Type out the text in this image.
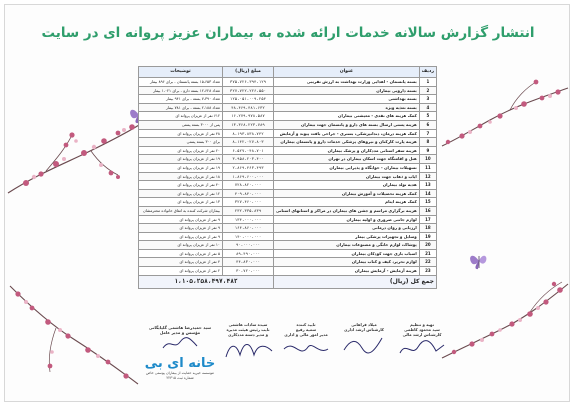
انتشار گزارش سالانه خدمات ارائه شده به بیماران عزیز پروانه ای در سایت
ردیف	عنوان	مبلغ (ریال)	توضیحات
1	بسته پانسمان - اهدایی وزارت بهداشت به ارزش تقریبی	۳۷۵،۷۲۶،۳۹۴،۱۲۹	تعداد ۱۵،۶۵۳ بسته پانسمان - برای ۸۹۶ بیمار
2	بسته دارویی بیماران	۳۲۷،۷۲۲،۲۲۶،۵۵۰	تعداد ۱۲،۶۲۸ بسته دارو - برای ۱،۰۲۱ بیمار
3	بسته بهداشتی	۱۲۵،۰۵۱،۰۰۹،۲۵۴	تعداد ۷،۳۹۰ بسته - برای ۹۴۱ بیمار
4	بسته تغذیه ویژه	۴۸،۴۶۹،۴۸۱،۶۳۲	تعداد ۲،۱۸۸ بسته - برای ۷۸۱ بیمار
5	کمک هزینه های نقدی - معیشتی بیماران	۱۶،۲۷۹،۹۷۸،۵۸۷	۶۱۲ نفر از عزیزان پروانه ای
6	هزینه پستی ارسال بسته های دارو و پانسمان جهت بیماران	۱۳،۳۶۸،۲۲۳،۷۸۹	پس از ۳۰۰۰ بسته پستی
7	کمک هزینه درمان، دندانپزشکی، بستری - جراحی بافت پیوند و آزمایش	۸،۱۹۳،۸۳۸،۷۴۲	۴۸ نفر از عزیزان پروانه ای
8	هزینه پارت کارکنان و نیروهای پزشکی خدمات دارو و پانسمان بیماران	۸،۱۴۲،۰۲۷،۸۰۳	برای ۳۰۰ بسته پستی
9	هزینه سفر استانی مددکاران و پزشک بیماران	۶،۵۲۷،۰۴۸،۷۰۱	۲۰ نفر از عزیزان پروانه ای
10	هتل و اقامتگاه جهت اسکان بیماران در تهران	۳،۹۵۸،۲۰۳،۴۰۰	۱۹ نفر از عزیزان پروانه ای
11	تسهیلات بیماران - خوابگاه و پذیرایی بیماران	۲،۸۶۹،۴۶۳،۴۹۳	۱۹ نفر از عزیزان پروانه ای
12	ایاب و ذهاب جهت بیماران	۱،۸۶۹،۶۰۰،۰۰۰	۱۸ نفر از عزیزان پروانه ای
13	هدیه تولد بیماران	۷۲۸،۸۲۰،۰۰۰	۴۰ نفر از عزیزان پروانه ای
14	کمک هزینه تحصیلات و آموزش بیماران	۴۰۹،۸۴۰،۰۰۰	۱۲ نفر از عزیزان پروانه ای
15	کمک هزینه ایتام	۳۲۷،۴۶۰،۰۰۰	۱۳ نفر از عزیزان پروانه ای
16	هزینه برگزاری مراسم و جشن های بیماران در مراکز و استانهای استانی	۲۳۲،۳۳۵،۸۳۹	بیماران شرکت کننده به اتفاق خانواده محترمشان
17	لوازم جانبی ضروری و اولیه بیماران	۱۳۴،۰۰۰،۰۰۰	۹ نفر از عزیزان پروانه ای
18	ارزیابی و روان درمانی	۱۶۴،۸۶۰،۰۰۰	۹ نفر از عزیزان پروانه ای
19	وسایل و تجهیزات پزشکی بیمار	۱۴۰،۰۰۰،۰۰۰	۹ نفر از عزیزان پروانه ای
20	پوشاک، لوازم خانگی و مصنوعات بیماران	۹۰،۰۰۰،۰۰۰	۱۰ نفر از عزیزان پروانه ای
21	اسباب بازی جهت کودکان بیماران	۸۹،۴۹۰،۰۰۰	۵ نفر از عزیزان پروانه ای
22	لوازم تحریر، کیف و کتاب بیماران	۴۴،۸۳۰،۰۰۰	۴ نفر از عزیزان پروانه ای
23	هزینه آزمایش - آزمایش بیماران	۳۰،۷۲۰،۰۰۰	۲ نفر از عزیزان پروانه ای
جمع کل (ریال)		۱،۱۰۵،۲۵۸،۴۹۷،۴۸۲	
تهیه و تنظیم
سید محمود کاظمی
کارشناس ارشد مالی
میلاد فراهانی
کارشناس ارشد اداری
تایید کننده
سمیه رفیع
مدیر امور مالی و اداری
سیده سادات هاشمی
نایب رئیس هیئت مدیره
و مدیر دسته مددکاری
سید حمیدرضا هاشمی گلپایگانی
مؤسس و مدیر عامل
خانه ای بی
موسسه خیریه حمایت از بیماران پوستی خاص
شماره ثبت ۲۲۳۱۵
